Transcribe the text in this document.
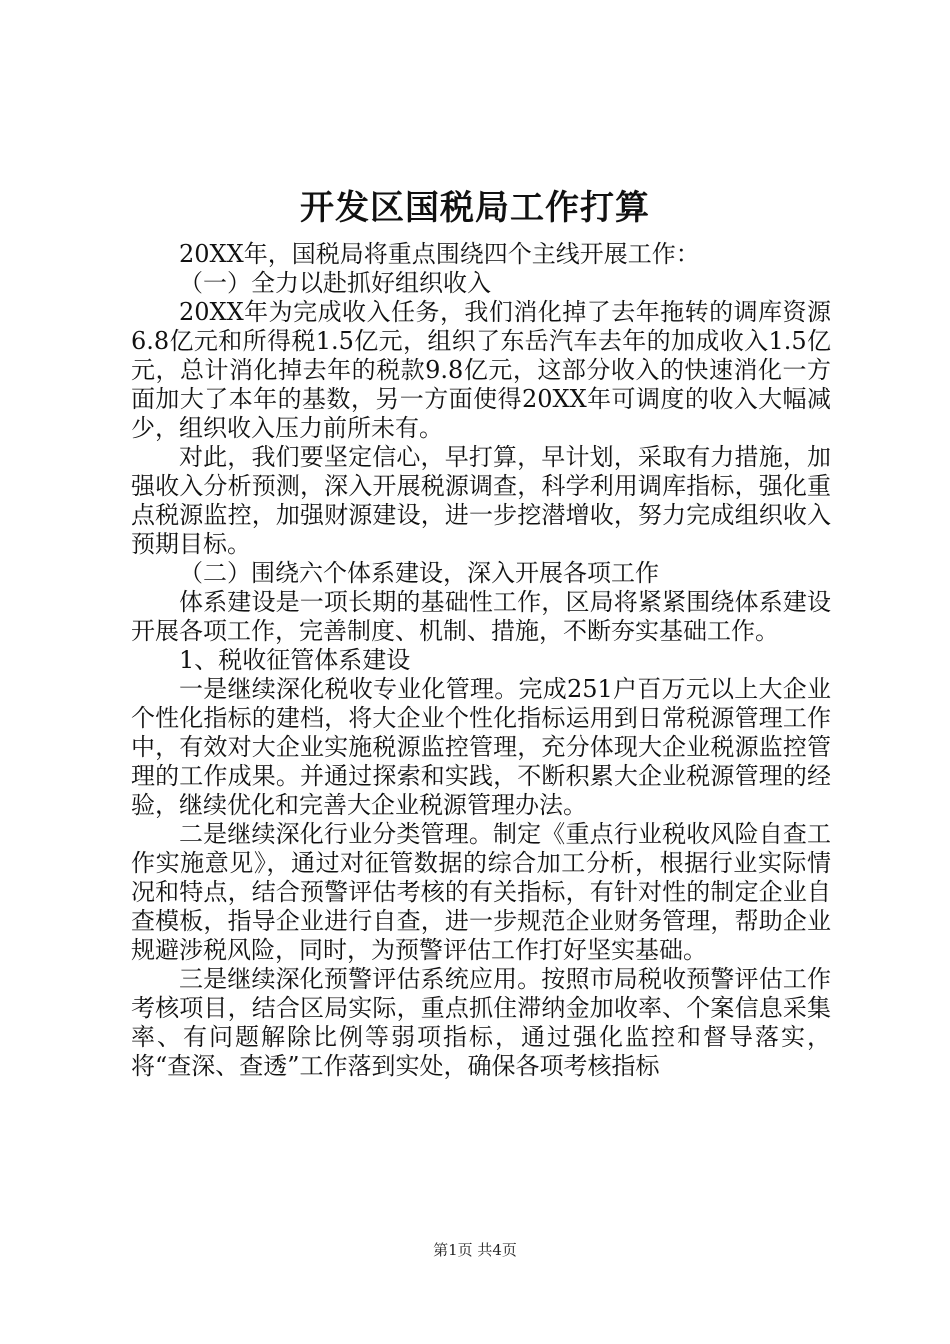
开发区国税局工作打算

20XX年，国税局将重点围绕四个主线开展工作：

（一）全力以赴抓好组织收入

20XX年为完成收入任务，我们消化掉了去年拖转的调库资源6.8亿元和所得税1.5亿元，组织了东岳汽车去年的加成收入1.5亿元，总计消化掉去年的税款9.8亿元，这部分收入的快速消化一方面加大了本年的基数，另一方面使得20XX年可调度的收入大幅减少，组织收入压力前所未有。

对此，我们要坚定信心，早打算，早计划，采取有力措施，加强收入分析预测，深入开展税源调查，科学利用调库指标，强化重点税源监控，加强财源建设，进一步挖潜增收，努力完成组织收入预期目标。

（二）围绕六个体系建设，深入开展各项工作

体系建设是一项长期的基础性工作，区局将紧紧围绕体系建设开展各项工作，完善制度、机制、措施，不断夯实基础工作。

1、税收征管体系建设

一是继续深化税收专业化管理。完成251户百万元以上大企业个性化指标的建档，将大企业个性化指标运用到日常税源管理工作中，有效对大企业实施税源监控管理，充分体现大企业税源监控管理的工作成果。并通过探索和实践，不断积累大企业税源管理的经验，继续优化和完善大企业税源管理办法。

二是继续深化行业分类管理。制定《重点行业税收风险自查工作实施意见》，通过对征管数据的综合加工分析，根据行业实际情况和特点，结合预警评估考核的有关指标，有针对性的制定企业自查模板，指导企业进行自查，进一步规范企业财务管理，帮助企业规避涉税风险，同时，为预警评估工作打好坚实基础。

三是继续深化预警评估系统应用。按照市局税收预警评估工作考核项目，结合区局实际，重点抓住滞纳金加收率、个案信息采集率、有问题解除比例等弱项指标，通过强化监控和督导落实，将“查深、查透”工作落到实处，确保各项考核指标

第1页 共4页
